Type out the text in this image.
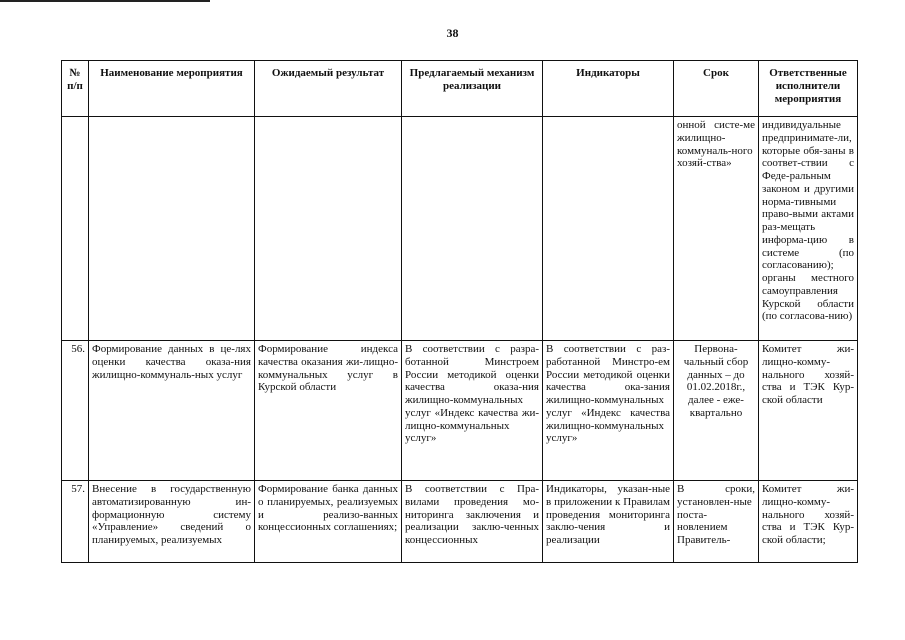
38
№ п/п	Наименование мероприятия	Ожидаемый результат	Предлагаемый механизм реализации	Индикаторы	Срок	Ответственные исполнители мероприятия
					онной систе-ме жилищно-коммуналь-ного хозяй-ства»	индивидуальные предпринимате-ли, которые обя-заны в соответ-ствии с Феде-ральным законом и другими норма-тивными право-выми актами раз-мещать информа-цию в системе (по согласованию); органы местного самоуправления Курской области (по согласова-нию)
56.	Формирование данных в це-лях оценки качества оказа-ния жилищно-коммуналь-ных услуг	Формирование индекса качества оказания жи-лищно-коммунальных услуг в Курской области	В соответствии с разра-ботанной Минстроем России методикой оценки качества оказа-ния жилищно-коммунальных услуг «Индекс качества жи-лищно-коммунальных услуг»	В соответствии с раз-работанной Минстро-ем России методикой оценки качества ока-зания жилищно-коммунальных услуг «Индекс качества жилищно-коммунальных услуг»	Первона-чальный сбор данных – до 01.02.2018г., далее - еже-квартально	Комитет жи-лищно-комму-нального хозяй-ства и ТЭК Кур-ской области
57.	Внесение в государственную автоматизированную ин-формационную систему «Управление» сведений о планируемых, реализуемых	Формирование банка данных о планируемых, реализуемых и реализо-ванных концессионных соглашениях;	В соответствии с Пра-вилами проведения мо-ниторинга заключения и реализации заклю-ченных концессионных	Индикаторы, указан-ные в приложении к Правилам проведения мониторинга заклю-чения и реализации	В сроки, установлен-ные поста-новлением Правитель-	Комитет жи-лищно-комму-нального хозяй-ства и ТЭК Кур-ской области;
